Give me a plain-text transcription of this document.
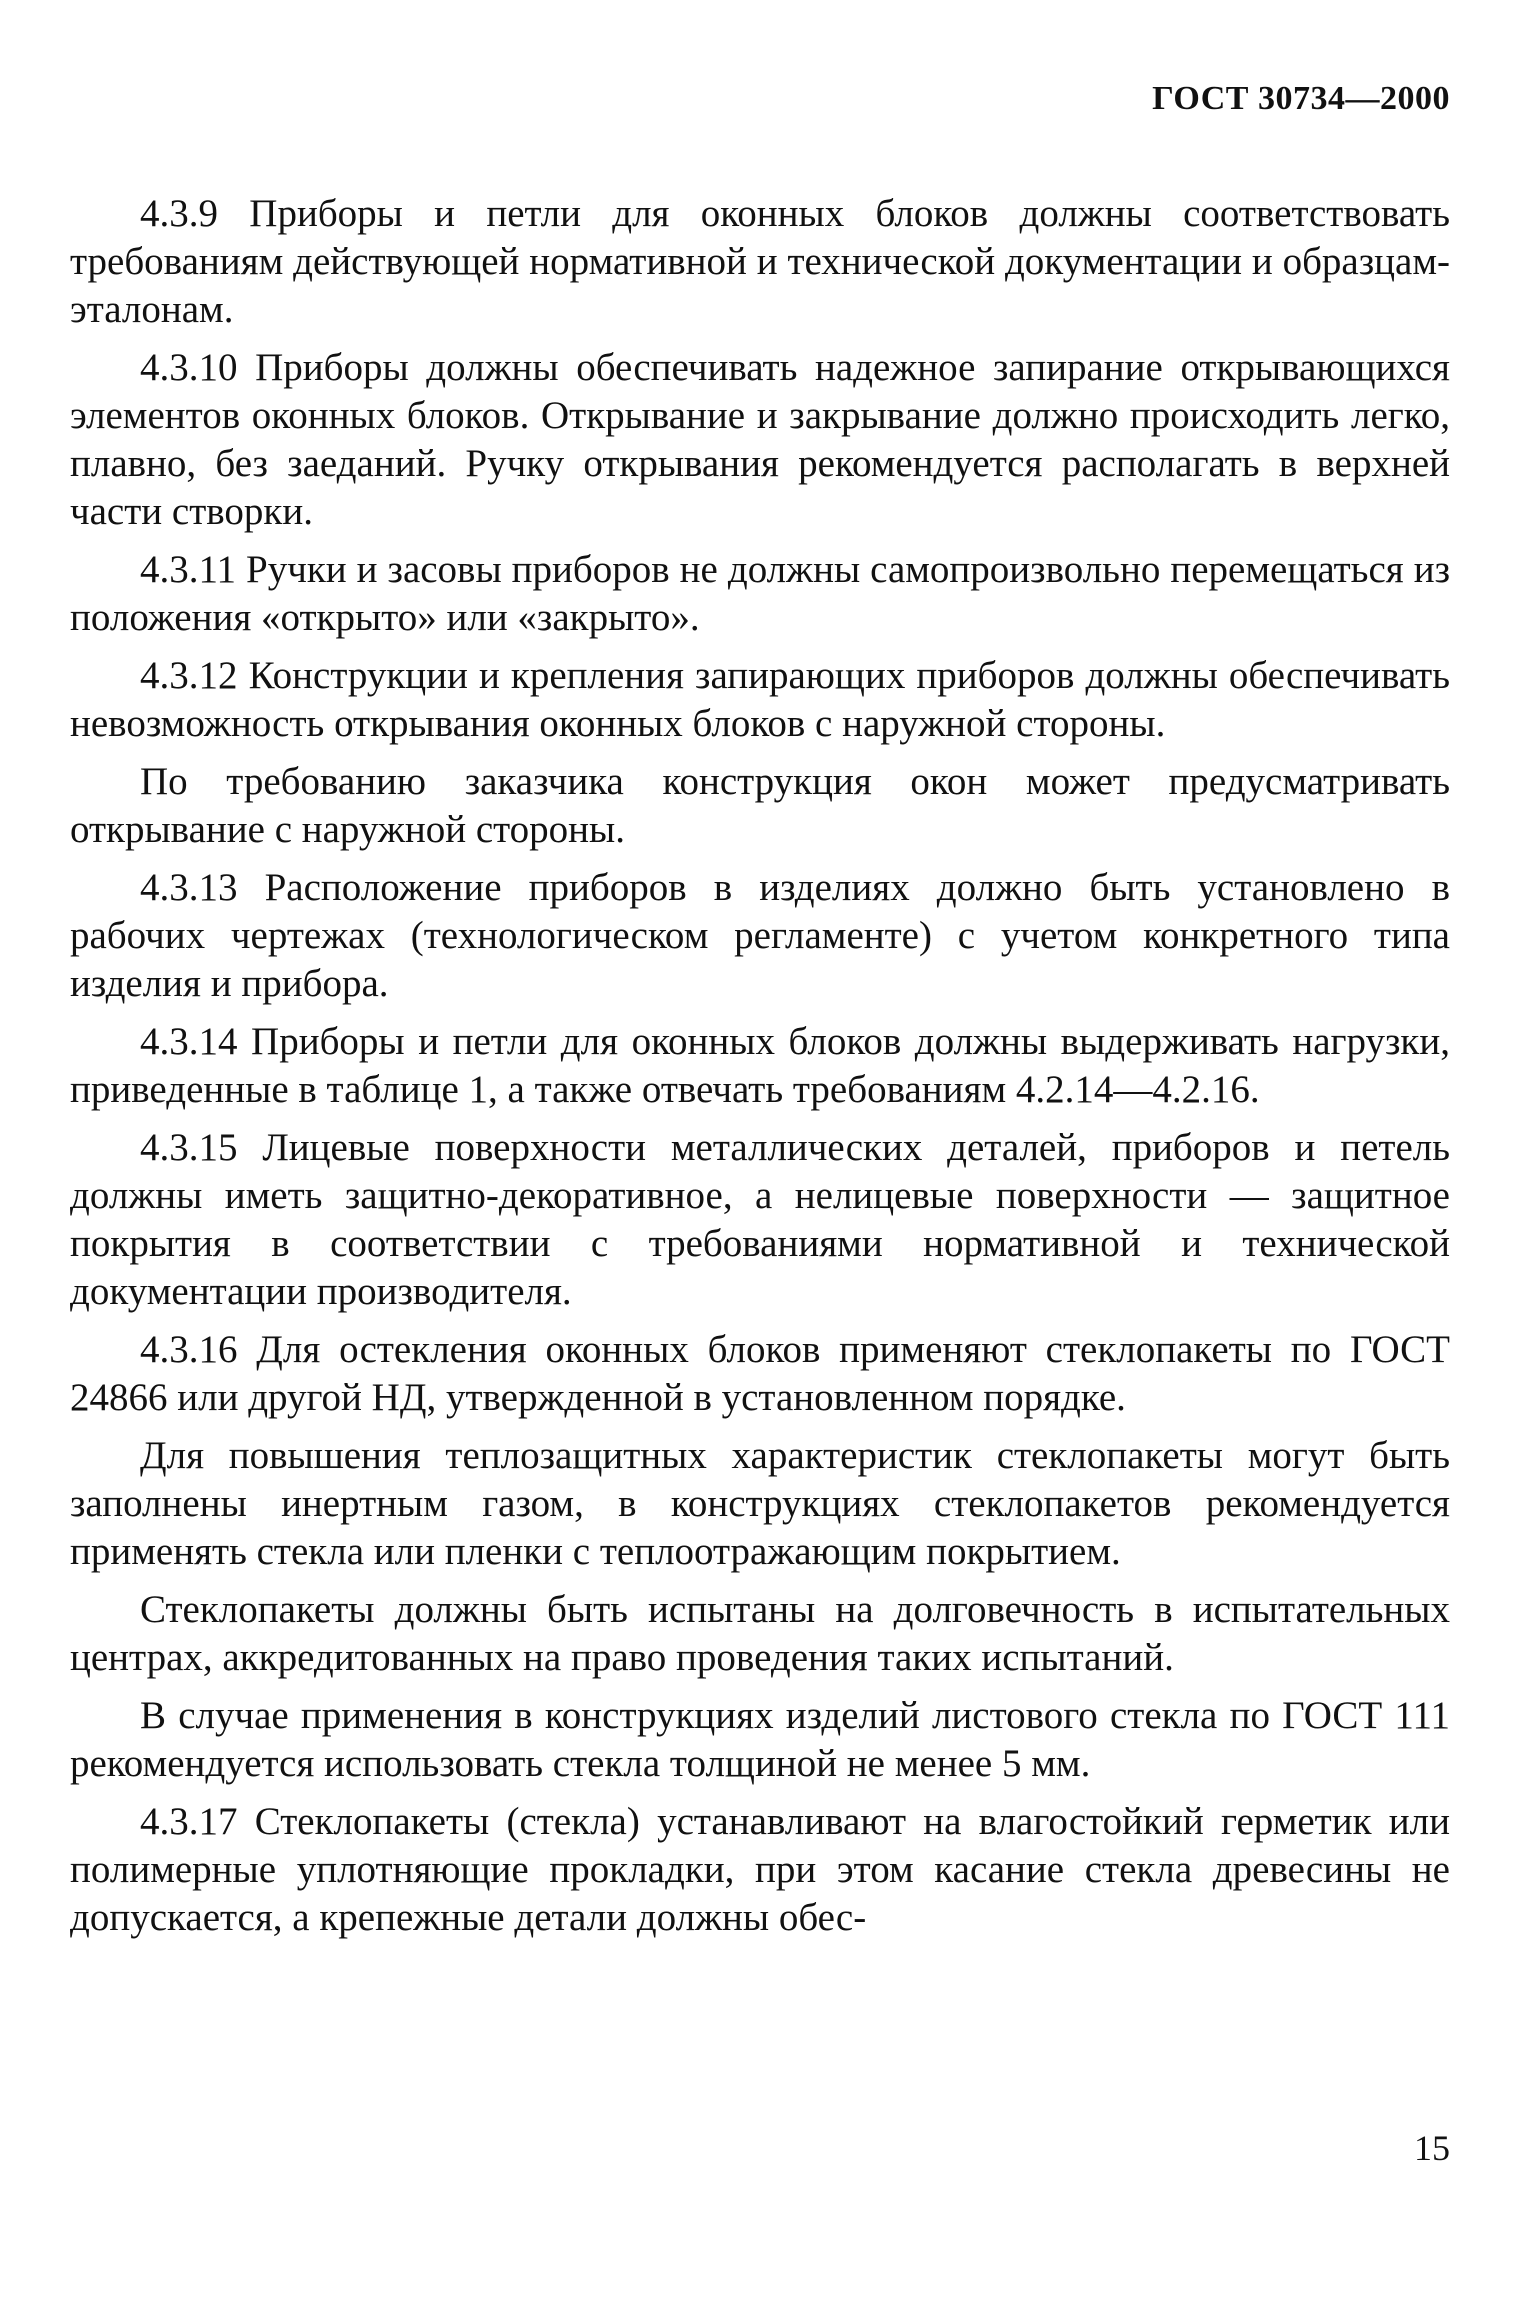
ГОСТ 30734—2000

4.3.9 Приборы и петли для оконных блоков должны соответствовать требованиям действующей нормативной и технической документации и образцам-эталонам.

4.3.10 Приборы должны обеспечивать надежное запирание открывающихся элементов оконных блоков. Открывание и закрывание должно происходить легко, плавно, без заеданий. Ручку открывания рекомендуется располагать в верхней части створки.

4.3.11 Ручки и засовы приборов не должны самопроизвольно перемещаться из положения «открыто» или «закрыто».

4.3.12 Конструкции и крепления запирающих приборов должны обеспечивать невозможность открывания оконных блоков с наружной стороны.

По требованию заказчика конструкция окон может предусматривать открывание с наружной стороны.

4.3.13 Расположение приборов в изделиях должно быть установлено в рабочих чертежах (технологическом регламенте) с учетом конкретного типа изделия и прибора.

4.3.14 Приборы и петли для оконных блоков должны выдерживать нагрузки, приведенные в таблице 1, а также отвечать требованиям 4.2.14—4.2.16.

4.3.15 Лицевые поверхности металлических деталей, приборов и петель должны иметь защитно-декоративное, а нелицевые поверхности — защитное покрытия в соответствии с требованиями нормативной и технической документации производителя.

4.3.16 Для остекления оконных блоков применяют стеклопакеты по ГОСТ 24866 или другой НД, утвержденной в установленном порядке.

Для повышения теплозащитных характеристик стеклопакеты могут быть заполнены инертным газом, в конструкциях стеклопакетов рекомендуется применять стекла или пленки с теплоотражающим покрытием.

Стеклопакеты должны быть испытаны на долговечность в испытательных центрах, аккредитованных на право проведения таких испытаний.

В случае применения в конструкциях изделий листового стекла по ГОСТ 111 рекомендуется использовать стекла толщиной не менее 5 мм.

4.3.17 Стеклопакеты (стекла) устанавливают на влагостойкий герметик или полимерные уплотняющие прокладки, при этом касание стекла древесины не допускается, а крепежные детали должны обес-

15
